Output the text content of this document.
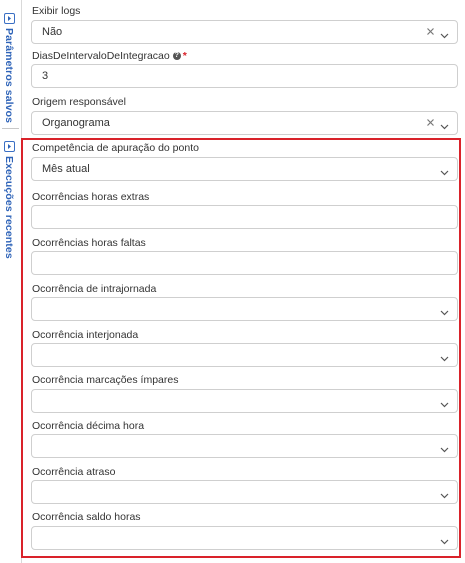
Parâmetros salvos
Execuções recentes
Exibir logs
Não
DiasDeIntervaloDeIntegracao ? *
3
Origem responsável
Organograma
Competência de apuração do ponto
Mês atual
Ocorrências horas extras
Ocorrências horas faltas
Ocorrência de intrajornada
Ocorrência interjonada
Ocorrência marcações ímpares
Ocorrência décima hora
Ocorrência atraso
Ocorrência saldo horas
